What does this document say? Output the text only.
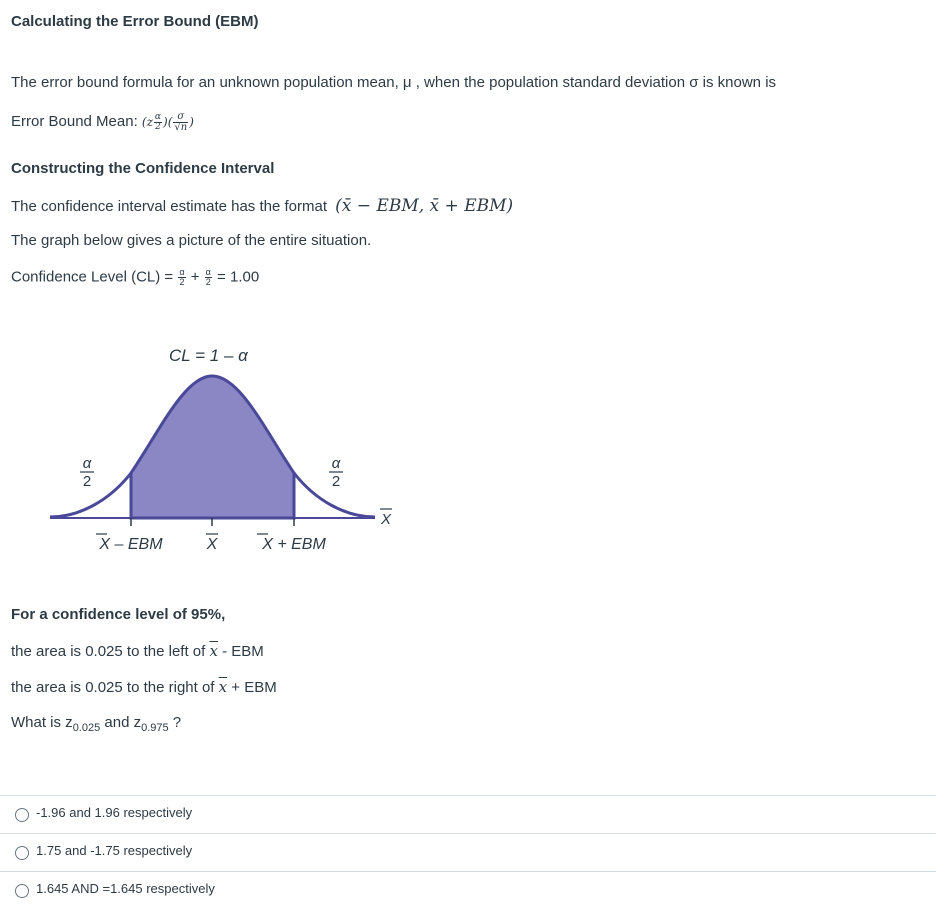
Calculating the Error Bound (EBM)
The error bound formula for an unknown population mean, μ , when the population standard deviation σ is known is
Error Bound Mean: ($z \frac{\alpha}{2}$ )( $\frac{\sigma}{√n}$ )
Constructing the Confidence Interval
The confidence interval estimate has the format (x̄ − EBM, x̄ + EBM)
The graph below gives a picture of the entire situation.
Confidence Level $(CL) = \frac{\alpha}{2} + \frac{\alpha}{2} = 1.00$
CL = 1 – α
α
2
α
2
X
X – EBM	X	X + EBM
For a confidence level of 95%,
the area is 0.025 to the left of $\overline{x}$ - EBM
the area is 0.025 to the right of $\overline{x}$ + EBM
What is $z_{0.025}$ and $z_{0.975}$ ?
-1.96 and 1.96 respectively
1.75 and -1.75 respectively
1.645 AND =1.645 respectively
